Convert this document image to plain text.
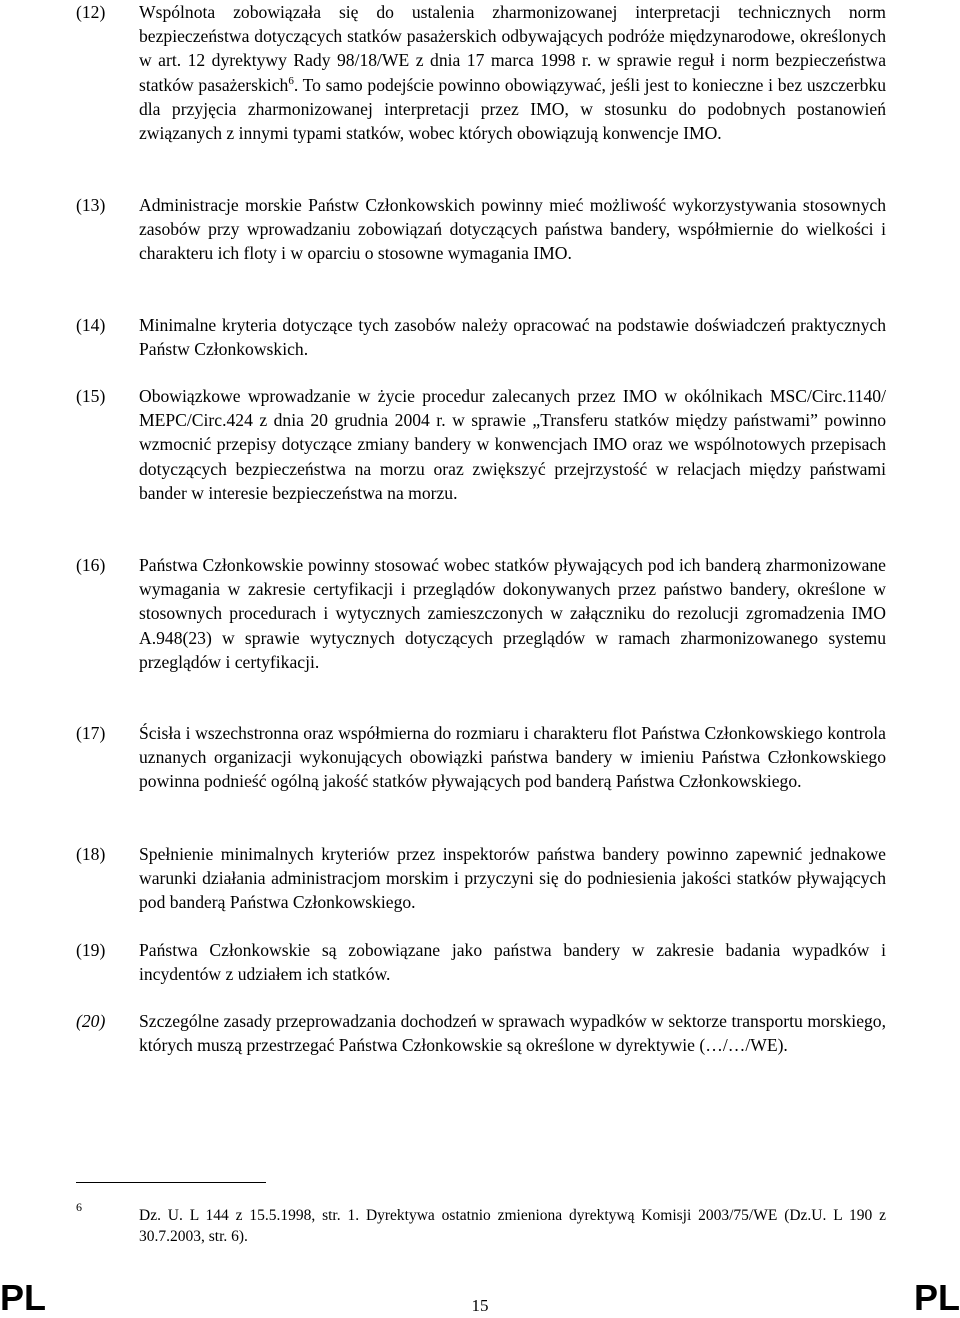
(12)	Wspólnota zobowiązała się do ustalenia zharmonizowanej interpretacji technicznych norm bezpieczeństwa dotyczących statków pasażerskich odbywających podróże międzynarodowe, określonych w art. 12 dyrektywy Rady 98/18/WE z dnia 17 marca 1998 r. w sprawie reguł i norm bezpieczeństwa statków pasażerskich$^6$. To samo podejście powinno obowiązywać, jeśli jest to konieczne i bez uszczerbku dla przyjęcia zharmonizowanej interpretacji przez IMO, w stosunku do podobnych postanowień związanych z innymi typami statków, wobec których obowiązują konwencje IMO.
(13)	Administracje morskie Państw Członkowskich powinny mieć możliwość wykorzystywania stosownych zasobów przy wprowadzaniu zobowiązań dotyczących państwa bandery, współmiernie do wielkości i charakteru ich floty i w oparciu o stosowne wymagania IMO.
(14)	Minimalne kryteria dotyczące tych zasobów należy opracować na podstawie doświadczeń praktycznych Państw Członkowskich.
(15)	Obowiązkowe wprowadzanie w życie procedur zalecanych przez IMO w okólnikach MSC/Circ.1140/ MEPC/Circ.424 z dnia 20 grudnia 2004 r. w sprawie „Transferu statków między państwami” powinno wzmocnić przepisy dotyczące zmiany bandery w konwencjach IMO oraz we wspólnotowych przepisach dotyczących bezpieczeństwa na morzu oraz zwiększyć przejrzystość w relacjach między państwami bander w interesie bezpieczeństwa na morzu.
(16)	Państwa Członkowskie powinny stosować wobec statków pływających pod ich banderą zharmonizowane wymagania w zakresie certyfikacji i przeglądów dokonywanych przez państwo bandery, określone w stosownych procedurach i wytycznych zamieszczonych w załączniku do rezolucji zgromadzenia IMO A.948(23) w sprawie wytycznych dotyczących przeglądów w ramach zharmonizowanego systemu przeglądów i certyfikacji.
(17)	Ścisła i wszechstronna oraz współmierna do rozmiaru i charakteru flot Państwa Członkowskiego kontrola uznanych organizacji wykonujących obowiązki państwa bandery w imieniu Państwa Członkowskiego powinna podnieść ogólną jakość statków pływających pod banderą Państwa Członkowskiego.
(18)	Spełnienie minimalnych kryteriów przez inspektorów państwa bandery powinno zapewnić jednakowe warunki działania administracjom morskim i przyczyni się do podniesienia jakości statków pływających pod banderą Państwa Członkowskiego.
(19)	Państwa Członkowskie są zobowiązane jako państwa bandery w zakresie badania wypadków i incydentów z udziałem ich statków.
(20)	Szczególne zasady przeprowadzania dochodzeń w sprawach wypadków w sektorze transportu morskiego, których muszą przestrzegać Państwa Członkowskie są określone w dyrektywie (…/…/WE).
6	Dz. U. L 144 z 15.5.1998, str. 1. Dyrektywa ostatnio zmieniona dyrektywą Komisji 2003/75/WE (Dz.U. L 190 z 30.7.2003, str. 6).
PL	15	PL
